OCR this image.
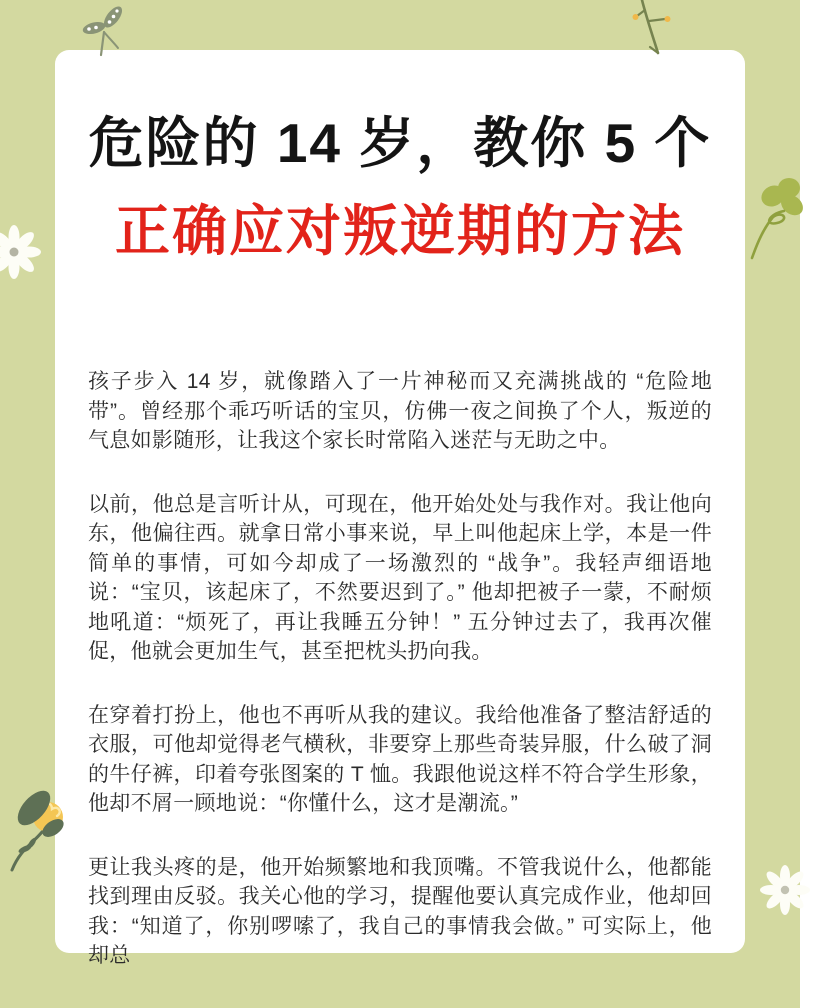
危险的 14 岁，教你 5 个
正确应对叛逆期的方法

孩子步入 14 岁，就像踏入了一片神秘而又充满挑战的 “危险地带”。曾经那个乖巧听话的宝贝，仿佛一夜之间换了个人，叛逆的气息如影随形，让我这个家长时常陷入迷茫与无助之中。

以前，他总是言听计从，可现在，他开始处处与我作对。我让他向东，他偏往西。就拿日常小事来说，早上叫他起床上学，本是一件简单的事情，可如今却成了一场激烈的 “战争”。我轻声细语地说：“宝贝，该起床了，不然要迟到了。” 他却把被子一蒙，不耐烦地吼道：“烦死了，再让我睡五分钟！” 五分钟过去了，我再次催促，他就会更加生气，甚至把枕头扔向我。

在穿着打扮上，他也不再听从我的建议。我给他准备了整洁舒适的衣服，可他却觉得老气横秋，非要穿上那些奇装异服，什么破了洞的牛仔裤，印着夸张图案的 T 恤。我跟他说这样不符合学生形象，他却不屑一顾地说：“你懂什么，这才是潮流。”

更让我头疼的是，他开始频繁地和我顶嘴。不管我说什么，他都能找到理由反驳。我关心他的学习，提醒他要认真完成作业，他却回我：“知道了，你别啰嗦了，我自己的事情我会做。” 可实际上，他却总
